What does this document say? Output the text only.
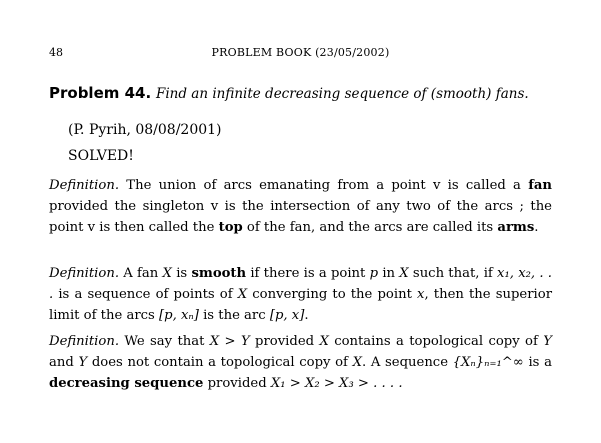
48	PROBLEM BOOK (23/05/2002)
Problem 44. Find an infinite decreasing sequence of (smooth) fans.
(P. Pyrih, 08/08/2001)
SOLVED!
Definition. The union of arcs emanating from a point v is called a fan provided the singleton v is the intersection of any two of the arcs ; the point v is then called the top of the fan, and the arcs are called its arms.
Definition. A fan X is smooth if there is a point p in X such that, if x₁, x₂, . . . is a sequence of points of X converging to the point x, then the superior limit of the arcs [p, xₙ] is the arc [p, x].
Definition. We say that X > Y provided X contains a topological copy of Y and Y does not contain a topological copy of X. A sequence {Xₙ}ₙ₌₁^∞ is a decreasing sequence provided X₁ > X₂ > X₃ > . . . .
